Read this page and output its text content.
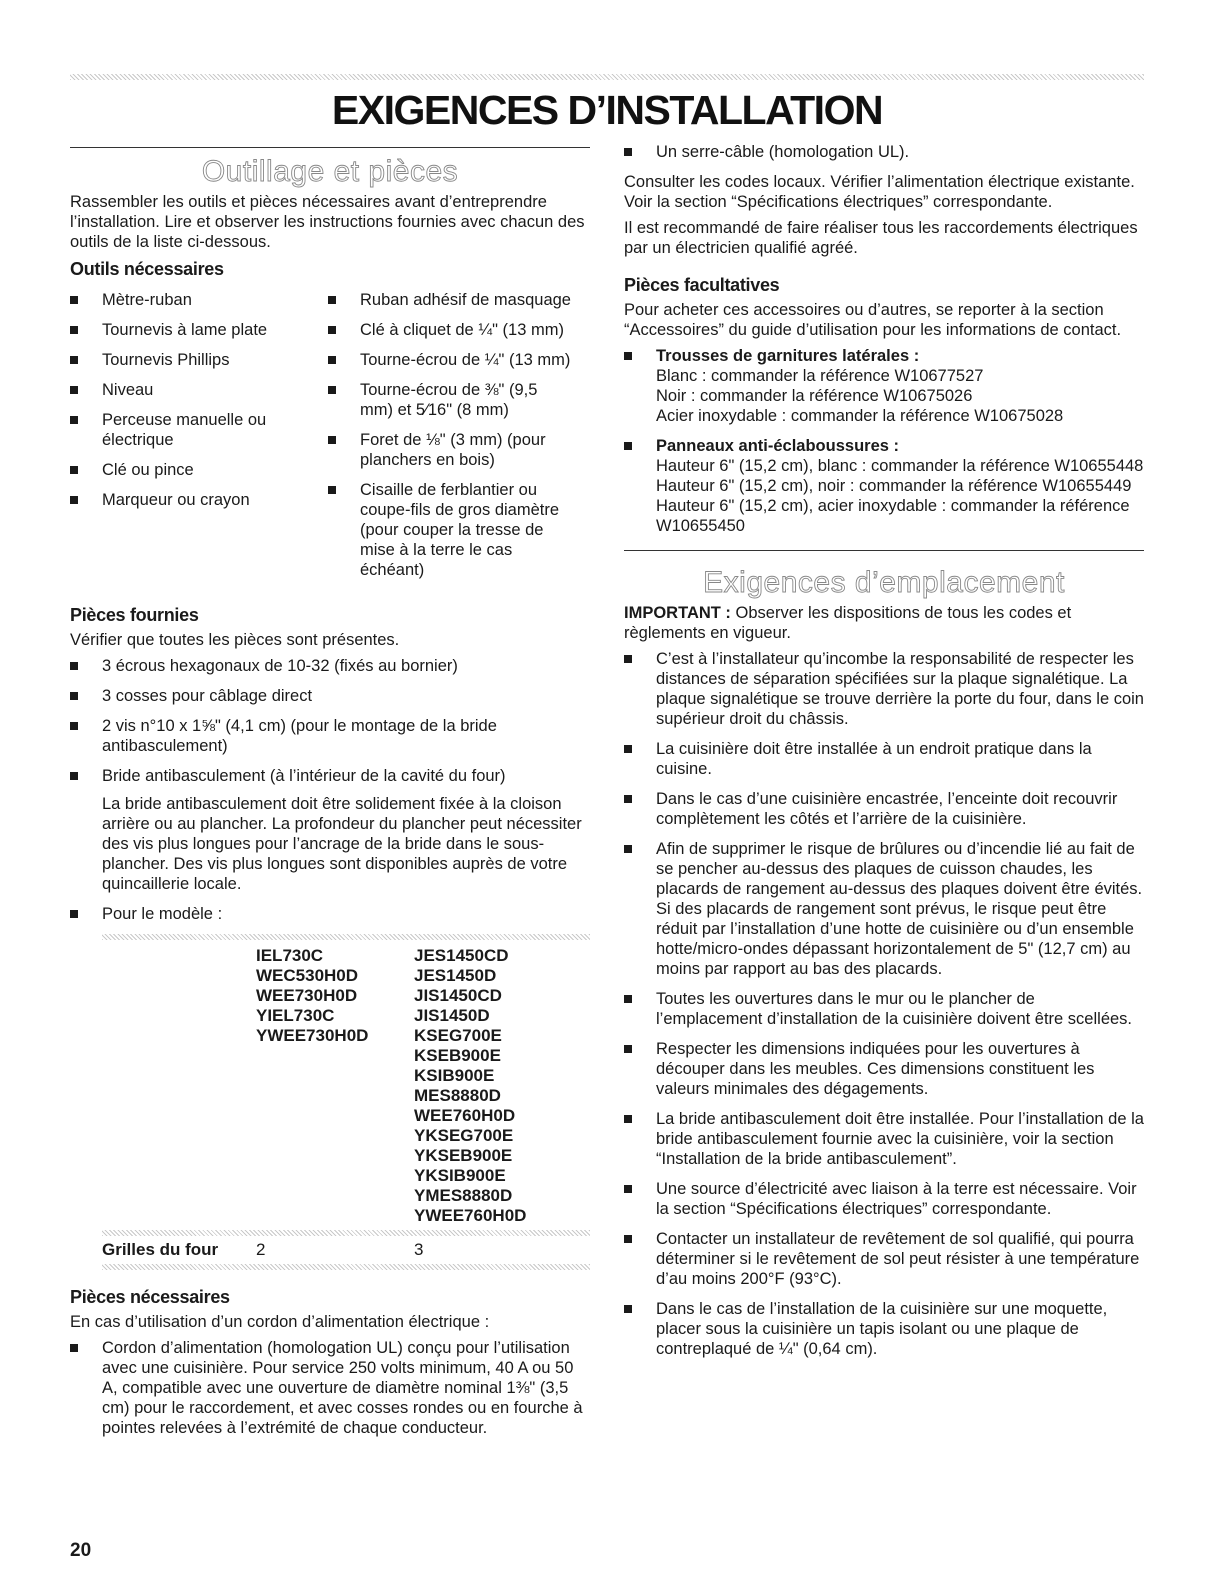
EXIGENCES D’INSTALLATION
Outillage et pièces

Rassembler les outils et pièces nécessaires avant d’entreprendre l’installation. Lire et observer les instructions fournies avec chacun des outils de la liste ci-dessous.

Outils nécessaires
Mètre-ruban
Tournevis à lame plate
Tournevis Phillips
Niveau
Perceuse manuelle ou électrique
Clé ou pince
Marqueur ou crayon
Ruban adhésif de masquage
Clé à cliquet de ¼" (13 mm)
Tourne-écrou de ¼" (13 mm)
Tourne-écrou de ⅜" (9,5 mm) et 5⁄16" (8 mm)
Foret de ⅛" (3 mm) (pour planchers en bois)
Cisaille de ferblantier ou coupe-fils de gros diamètre (pour couper la tresse de mise à la terre le cas échéant)
Pièces fournies

Vérifier que toutes les pièces sont présentes.

3 écrous hexagonaux de 10-32 (fixés au bornier)
3 cosses pour câblage direct
2 vis n°10 x 1⅝" (4,1 cm) (pour le montage de la bride antibasculement)
Bride antibasculement (à l’intérieur de la cavité du four)

La bride antibasculement doit être solidement fixée à la cloison arrière ou au plancher. La profondeur du plancher peut nécessiter des vis plus longues pour l’ancrage de la bride dans le sous-plancher. Des vis plus longues sont disponibles auprès de votre quincaillerie locale.

Pour le modèle :
IEL730C
WEC530H0D
WEE730H0D
YIEL730C
YWEE730H0D
JES1450CD
JES1450D
JIS1450CD
JIS1450D
KSEG700E
KSEB900E
KSIB900E
MES8880D
WEE760H0D
YKSEG700E
YKSEB900E
YKSIB900E
YMES8880D
YWEE760H0D
Grilles du four	2	3
Pièces nécessaires

En cas d’utilisation d’un cordon d’alimentation électrique :

Cordon d’alimentation (homologation UL) conçu pour l’utilisation avec une cuisinière. Pour service 250 volts minimum, 40 A ou 50 A, compatible avec une ouverture de diamètre nominal 1⅜" (3,5 cm) pour le raccordement, et avec cosses rondes ou en fourche à pointes relevées à l’extrémité de chaque conducteur.
Un serre-câble (homologation UL).

Consulter les codes locaux. Vérifier l’alimentation électrique existante. Voir la section “Spécifications électriques” correspondante.

Il est recommandé de faire réaliser tous les raccordements électriques par un électricien qualifié agréé.

Pièces facultatives

Pour acheter ces accessoires ou d’autres, se reporter à la section “Accessoires” du guide d’utilisation pour les informations de contact.

Trousses de garnitures latérales :
Blanc : commander la référence W10677527
Noir : commander la référence W10675026
Acier inoxydable : commander la référence W10675028
Panneaux anti-éclaboussures :
Hauteur 6" (15,2 cm), blanc : commander la référence W10655448
Hauteur 6" (15,2 cm), noir : commander la référence W10655449
Hauteur 6" (15,2 cm), acier inoxydable : commander la référence W10655450
Exigences d’emplacement

IMPORTANT : Observer les dispositions de tous les codes et règlements en vigueur.

C’est à l’installateur qu’incombe la responsabilité de respecter les distances de séparation spécifiées sur la plaque signalétique. La plaque signalétique se trouve derrière la porte du four, dans le coin supérieur droit du châssis.
La cuisinière doit être installée à un endroit pratique dans la cuisine.
Dans le cas d’une cuisinière encastrée, l’enceinte doit recouvrir complètement les côtés et l’arrière de la cuisinière.
Afin de supprimer le risque de brûlures ou d’incendie lié au fait de se pencher au-dessus des plaques de cuisson chaudes, les placards de rangement au-dessus des plaques doivent être évités. Si des placards de rangement sont prévus, le risque peut être réduit par l’installation d’une hotte de cuisinière ou d’un ensemble hotte/micro-ondes dépassant horizontalement de 5" (12,7 cm) au moins par rapport au bas des placards.
Toutes les ouvertures dans le mur ou le plancher de l’emplacement d’installation de la cuisinière doivent être scellées.
Respecter les dimensions indiquées pour les ouvertures à découper dans les meubles. Ces dimensions constituent les valeurs minimales des dégagements.
La bride antibasculement doit être installée. Pour l’installation de la bride antibasculement fournie avec la cuisinière, voir la section “Installation de la bride antibasculement”.
Une source d’électricité avec liaison à la terre est nécessaire. Voir la section “Spécifications électriques” correspondante.
Contacter un installateur de revêtement de sol qualifié, qui pourra déterminer si le revêtement de sol peut résister à une température d’au moins 200°F (93°C).
Dans le cas de l’installation de la cuisinière sur une moquette, placer sous la cuisinière un tapis isolant ou une plaque de contreplaqué de ¼" (0,64 cm).
20
